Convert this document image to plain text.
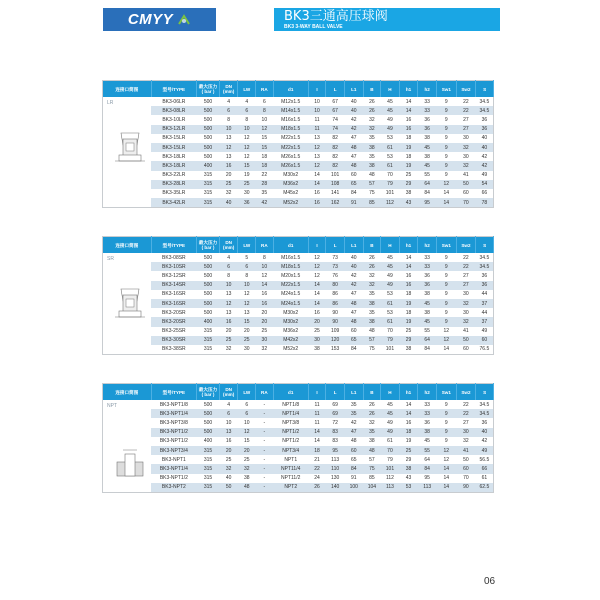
CMYY	BK3三通高压球阀
BK3 3-WAY BALL VALVE
连接口简图	型号/TYPE	最大压力
( bar )	DN
(mm)	LW	RA	d1	I	L	L1	B	H	h1	h2	Sw1	Sw2	S

LR	BK3-06LR	500	4	4	6	M12x1.5	10	67	40	26	45	14	33	9	22	34.5
	BK3-08LR	500	6	6	8	M14x1.5	10	67	40	26	45	14	33	9	22	34.5
	BK3-10LR	500	8	8	10	M16x1.5	11	74	42	32	49	16	36	9	27	36
	BK3-12LR	500	10	10	12	M18x1.5	11	74	42	32	49	16	36	9	27	36
	BK3-15LR	500	13	12	15	M22x1.5	13	82	47	35	53	18	38	9	30	40
	BK3-15LR	500	12	12	15	M22x1.5	12	82	48	38	61	19	45	9	32	40
	BK3-18LR	500	13	12	18	M26x1.5	13	82	47	35	53	18	38	9	30	42
	BK3-18LR	400	16	15	18	M26x1.5	12	82	48	38	61	19	45	9	32	42
	BK3-22LR	315	20	19	22	M30x2	14	101	60	48	70	25	55	9	41	49
	BK3-28LR	315	25	25	28	M36x2	14	108	65	57	79	29	64	12	50	54
	BK3-35LR	315	32	30	35	M45x2	16	141	84	75	101	38	84	14	60	66
	BK3-42LR	315	40	36	42	M52x2	16	162	91	85	112	43	95	14	70	78
连接口简图	型号/TYPE	最大压力
( bar )	DN
(mm)	LW	RA	d1	I	L	L1	B	H	h1	h2	Sw1	Sw2	S

SR	BK3-08SR	500	4	5	8	M16x1.5	12	73	40	26	45	14	33	9	22	34.5
	BK3-10SR	500	6	6	10	M18x1.5	12	73	40	26	45	14	33	9	22	34.5
	BK3-12SR	500	8	8	12	M20x1.5	12	76	42	32	49	16	36	9	27	36
	BK3-14SR	500	10	10	14	M22x1.5	14	80	42	32	49	16	36	9	27	36
	BK3-16SR	500	13	12	16	M24x1.5	14	86	47	35	53	18	38	9	30	44
	BK3-16SR	500	12	12	16	M24x1.5	14	86	48	38	61	19	45	9	32	37
	BK3-20SR	500	13	13	20	M30x2	16	90	47	35	53	18	38	9	30	44
	BK3-20SR	400	16	15	20	M30x2	20	90	48	38	61	19	45	9	32	37
	BK3-25SR	315	20	20	25	M36x2	25	109	60	48	70	25	55	12	41	49
	BK3-30SR	315	25	25	30	M42x2	30	120	65	57	79	29	64	12	50	60
	BK3-38SR	315	32	30	32	M52x2	38	153	84	75	101	38	84	14	60	76.5
连接口简图	型号/TYPE	最大压力
( bar )	DN
(mm)	LW	RA	d1	I	L	L1	B	H	h1	h2	Sw1	Sw2	S

NPT	BK3-NPT1/8	500	4	6	-	NPT1/8	11	69	35	26	45	14	33	9	22	34.5
	BK3-NPT1/4	500	6	6	-	NPT1/4	11	69	35	26	45	14	33	9	22	34.5
	BK3-NPT3/8	500	10	10	-	NPT3/8	11	72	42	32	49	16	36	9	27	36
	BK3-NPT1/2	500	13	12	-	NPT1/2	14	83	47	35	49	18	38	9	30	40
	BK3-NPT1/2	400	16	15	-	NPT1/2	14	83	48	38	61	19	45	9	32	42
	BK3-NPT3/4	315	20	20	-	NPT3/4	18	95	60	48	70	25	55	12	41	49
	BK3-NPT1	315	25	25	-	NPT1	21	113	65	57	79	29	64	12	50	56.5
	BK3-NPT1/4	315	32	32	-	NPT11/4	22	110	84	75	101	38	84	14	60	66
	BK3-NPT1/2	315	40	38	-	NPT11/2	24	130	91	85	112	43	95	14	70	61
	BK3-NPT2	315	50	48	-	NPT2	26	140	100	104	113	53	113	14	90	62.5
06
